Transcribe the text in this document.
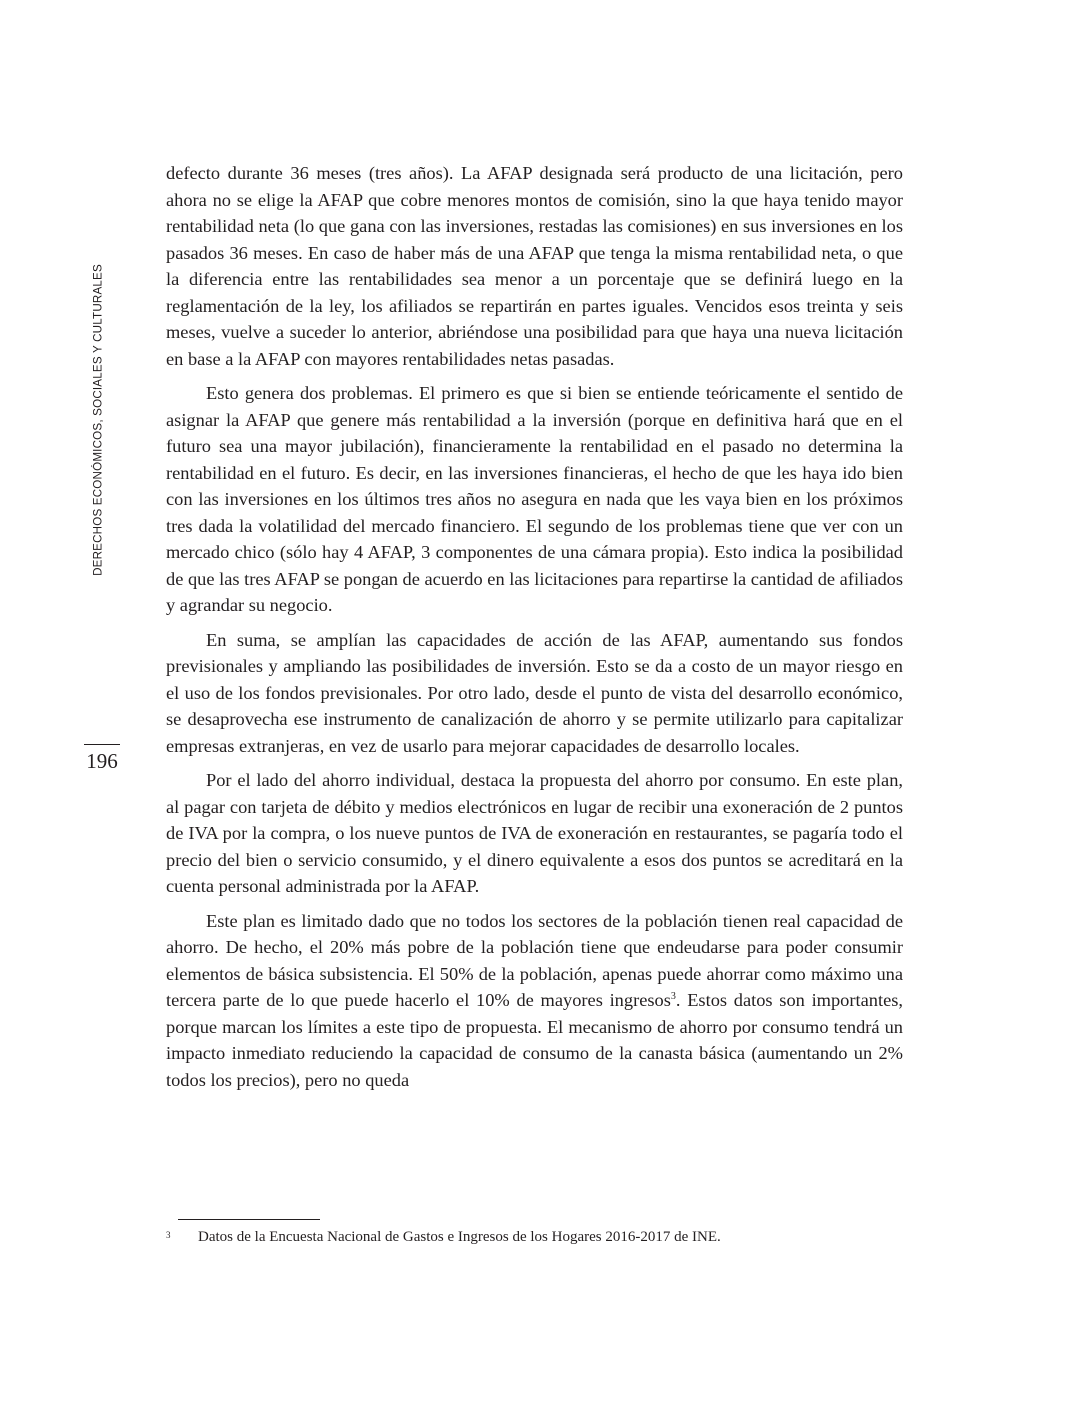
DERECHOS ECONÓMICOS, SOCIALES Y CULTURALES
196

defecto durante 36 meses (tres años). La AFAP designada será producto de una licitación, pero ahora no se elige la AFAP que cobre menores montos de comisión, sino la que haya tenido mayor rentabilidad neta (lo que gana con las inversiones, restadas las comisiones) en sus inversiones en los pasados 36 meses. En caso de haber más de una AFAP que tenga la misma rentabilidad neta, o que la diferencia entre las rentabilidades sea menor a un porcentaje que se definirá luego en la reglamentación de la ley, los afiliados se repartirán en partes iguales. Vencidos esos treinta y seis meses, vuelve a suceder lo anterior, abriéndose una posibilidad para que haya una nueva licitación en base a la AFAP con mayores rentabilidades netas pasadas.

Esto genera dos problemas. El primero es que si bien se entiende teóricamente el sentido de asignar la AFAP que genere más rentabilidad a la inversión (porque en definitiva hará que en el futuro sea una mayor jubilación), financieramente la rentabilidad en el pasado no determina la rentabilidad en el futuro. Es decir, en las inversiones financieras, el hecho de que les haya ido bien con las inversiones en los últimos tres años no asegura en nada que les vaya bien en los próximos tres dada la volatilidad del mercado financiero. El segundo de los problemas tiene que ver con un mercado chico (sólo hay 4 AFAP, 3 componentes de una cámara propia). Esto indica la posibilidad de que las tres AFAP se pongan de acuerdo en las licitaciones para repartirse la cantidad de afiliados y agrandar su negocio.

En suma, se amplían las capacidades de acción de las AFAP, aumentando sus fondos previsionales y ampliando las posibilidades de inversión. Esto se da a costo de un mayor riesgo en el uso de los fondos previsionales. Por otro lado, desde el punto de vista del desarrollo económico, se desaprovecha ese instrumento de canalización de ahorro y se permite utilizarlo para capitalizar empresas extranjeras, en vez de usarlo para mejorar capacidades de desarrollo locales.

Por el lado del ahorro individual, destaca la propuesta del ahorro por consumo. En este plan, al pagar con tarjeta de débito y medios electrónicos en lugar de recibir una exoneración de 2 puntos de IVA por la compra, o los nueve puntos de IVA de exoneración en restaurantes, se pagaría todo el precio del bien o servicio consumido, y el dinero equivalente a esos dos puntos se acreditará en la cuenta personal administrada por la AFAP.

Este plan es limitado dado que no todos los sectores de la población tienen real capacidad de ahorro. De hecho, el 20% más pobre de la población tiene que endeudarse para poder consumir elementos de básica subsistencia. El 50% de la población, apenas puede ahorrar como máximo una tercera parte de lo que puede hacerlo el 10% de mayores ingresos$^3$. Estos datos son importantes, porque marcan los límites a este tipo de propuesta. El mecanismo de ahorro por consumo tendrá un impacto inmediato reduciendo la capacidad de consumo de la canasta básica (aumentando un 2% todos los precios), pero no queda

3 Datos de la Encuesta Nacional de Gastos e Ingresos de los Hogares 2016-2017 de INE.
